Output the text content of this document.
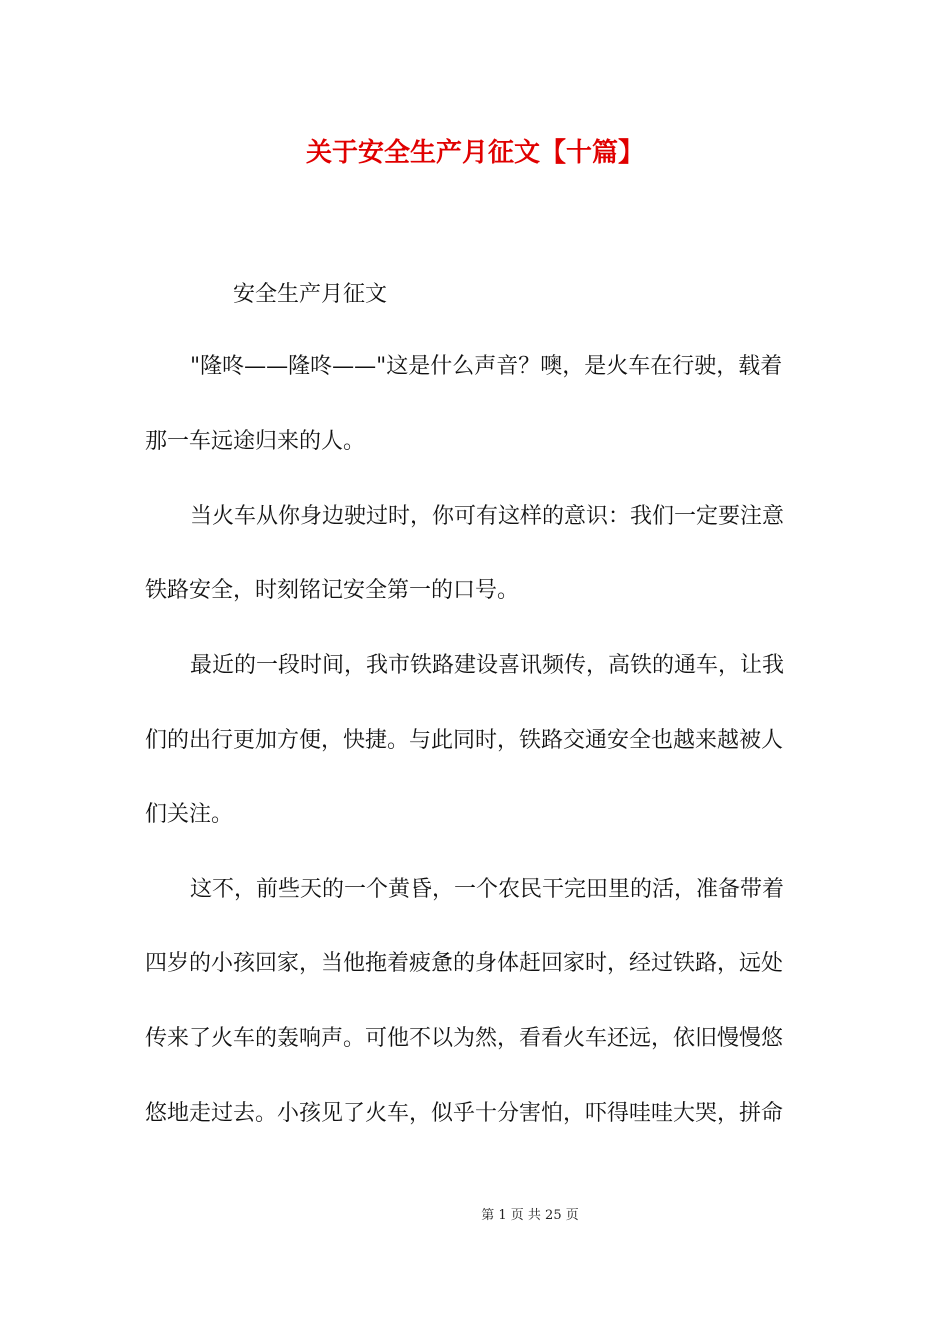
关于安全生产月征文【十篇】
安全生产月征文
"隆咚——隆咚——"这是什么声音？噢，是火车在行驶，载着
那一车远途归来的人。
当火车从你身边驶过时，你可有这样的意识：我们一定要注意
铁路安全，时刻铭记安全第一的口号。
最近的一段时间，我市铁路建设喜讯频传，高铁的通车，让我
们的出行更加方便，快捷。与此同时，铁路交通安全也越来越被人
们关注。
这不，前些天的一个黄昏，一个农民干完田里的活，准备带着
四岁的小孩回家，当他拖着疲惫的身体赶回家时，经过铁路，远处
传来了火车的轰响声。可他不以为然，看看火车还远，依旧慢慢悠
悠地走过去。小孩见了火车，似乎十分害怕，吓得哇哇大哭，拼命
第 1 页 共 25 页
